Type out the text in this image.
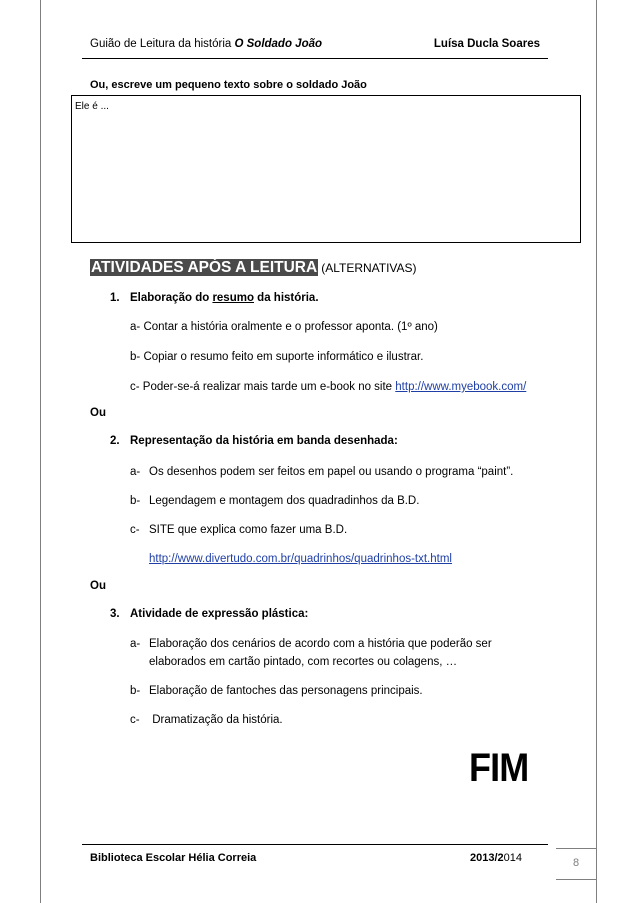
Guião de Leitura da história O Soldado João	Luísa Ducla Soares
Ou, escreve um pequeno texto sobre o soldado João
Ele é ...
ATIVIDADES APÓS A LEITURA (ALTERNATIVAS)
1. Elaboração do resumo da história.
a- Contar a história oralmente e o professor aponta. (1º ano)
b- Copiar o resumo feito em suporte informático e ilustrar.
c- Poder-se-á realizar mais tarde um e-book no site http://www.myebook.com/
Ou
2. Representação da história em banda desenhada:
a- Os desenhos podem ser feitos em papel ou usando o programa “paint”.
b- Legendagem e montagem dos quadradinhos da B.D.
c- SITE que explica como fazer uma B.D.
http://www.divertudo.com.br/quadrinhos/quadrinhos-txt.html
Ou
3. Atividade de expressão plástica:
a- Elaboração dos cenários de acordo com a história que poderão ser
elaborados em cartão pintado, com recortes ou colagens, …
b- Elaboração de fantoches das personagens principais.
c- Dramatização da história.
FIM
Biblioteca Escolar Hélia Correia	2013/2014	8
